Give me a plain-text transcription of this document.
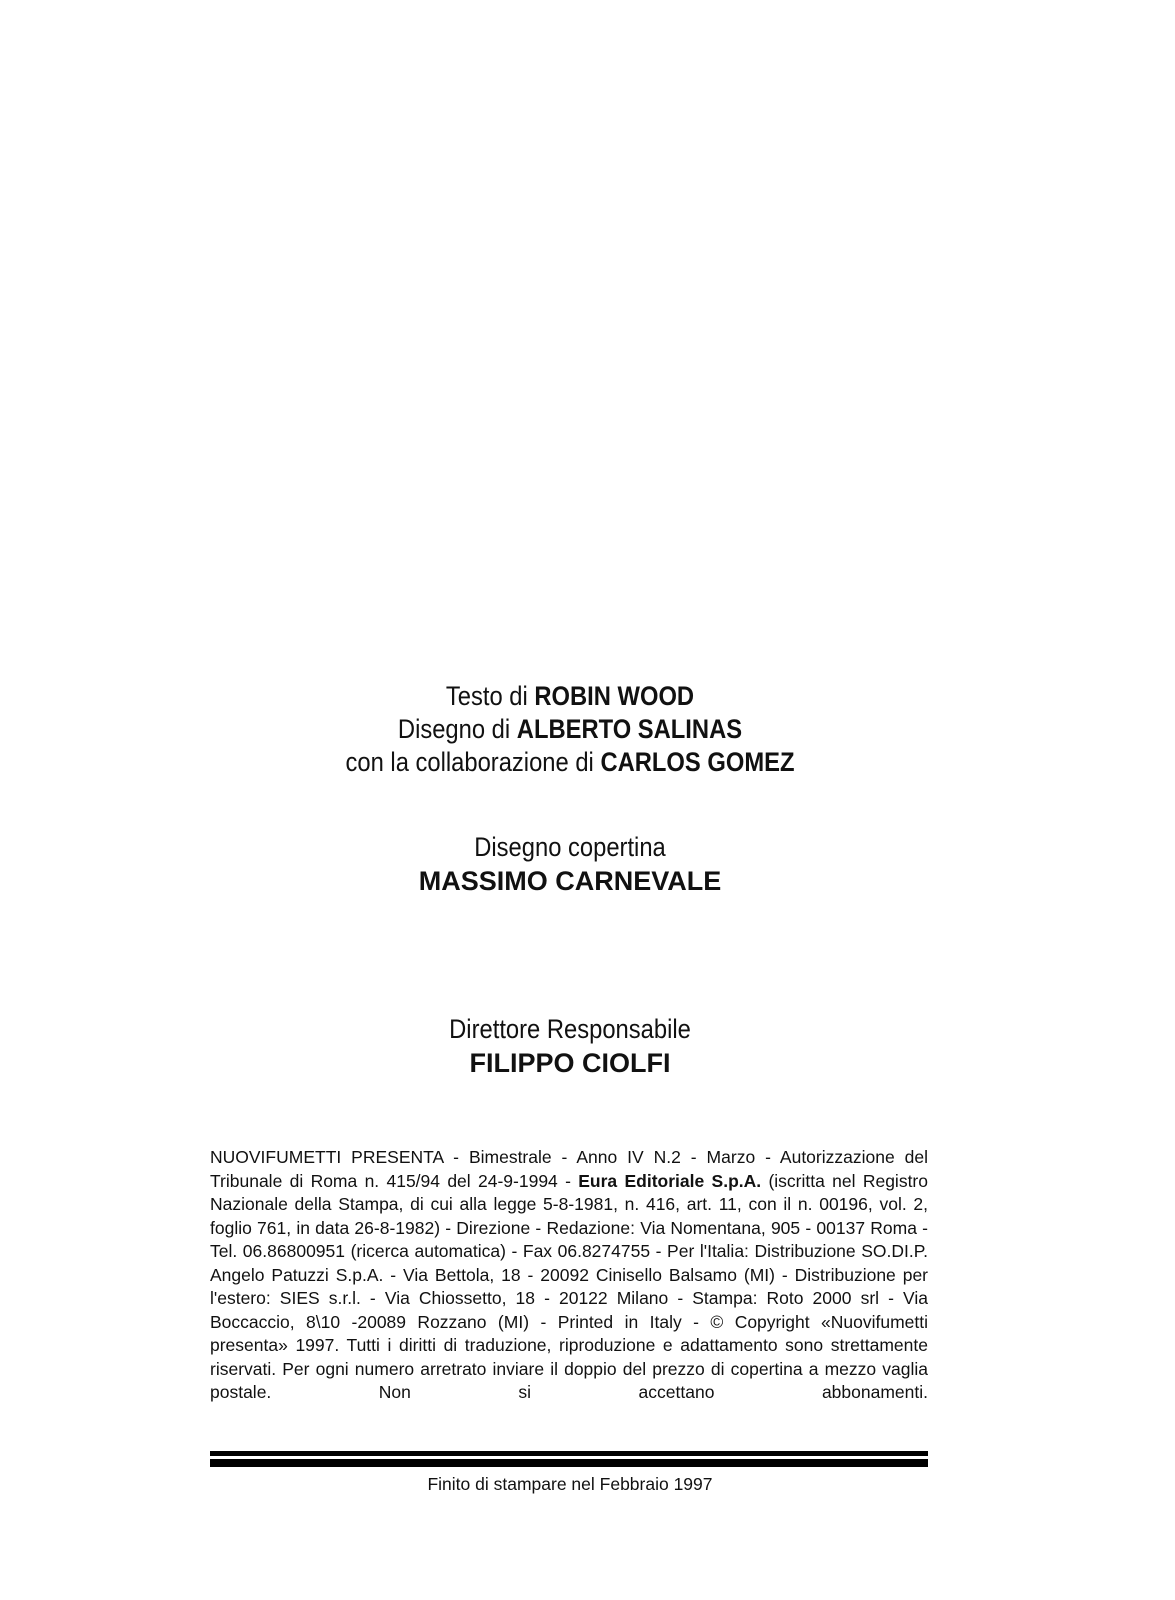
Testo di ROBIN WOOD
Disegno di ALBERTO SALINAS
con la collaborazione di CARLOS GOMEZ
Disegno copertina
MASSIMO CARNEVALE
Direttore Responsabile
FILIPPO CIOLFI
NUOVIFUMETTI PRESENTA - Bimestrale - Anno IV N.2 - Marzo - Autorizzazione del Tribunale di Roma n. 415/94 del 24-9-1994 - Eura Editoriale S.p.A. (iscritta nel Registro Nazionale della Stampa, di cui alla legge 5-8-1981, n. 416, art. 11, con il n. 00196, vol. 2, foglio 761, in data 26-8-1982) - Direzione - Redazione: Via Nomentana, 905 - 00137 Roma - Tel. 06.86800951 (ricerca automatica) - Fax 06.8274755 - Per l'Italia: Distribuzione SO.DI.P. Angelo Patuzzi S.p.A. - Via Bettola, 18 - 20092 Cinisello Balsamo (MI) - Distribuzione per l'estero: SIES s.r.l. - Via Chiossetto, 18 - 20122 Milano - Stampa: Roto 2000 srl - Via Boccaccio, 8\10 -20089 Rozzano (MI) - Printed in Italy - © Copyright «Nuovifumetti presenta» 1997. Tutti i diritti di traduzione, riproduzione e adattamento sono strettamente riservati. Per ogni numero arretrato inviare il doppio del prezzo di copertina a mezzo vaglia postale. Non si accettano abbonamenti.
Finito di stampare nel Febbraio 1997
